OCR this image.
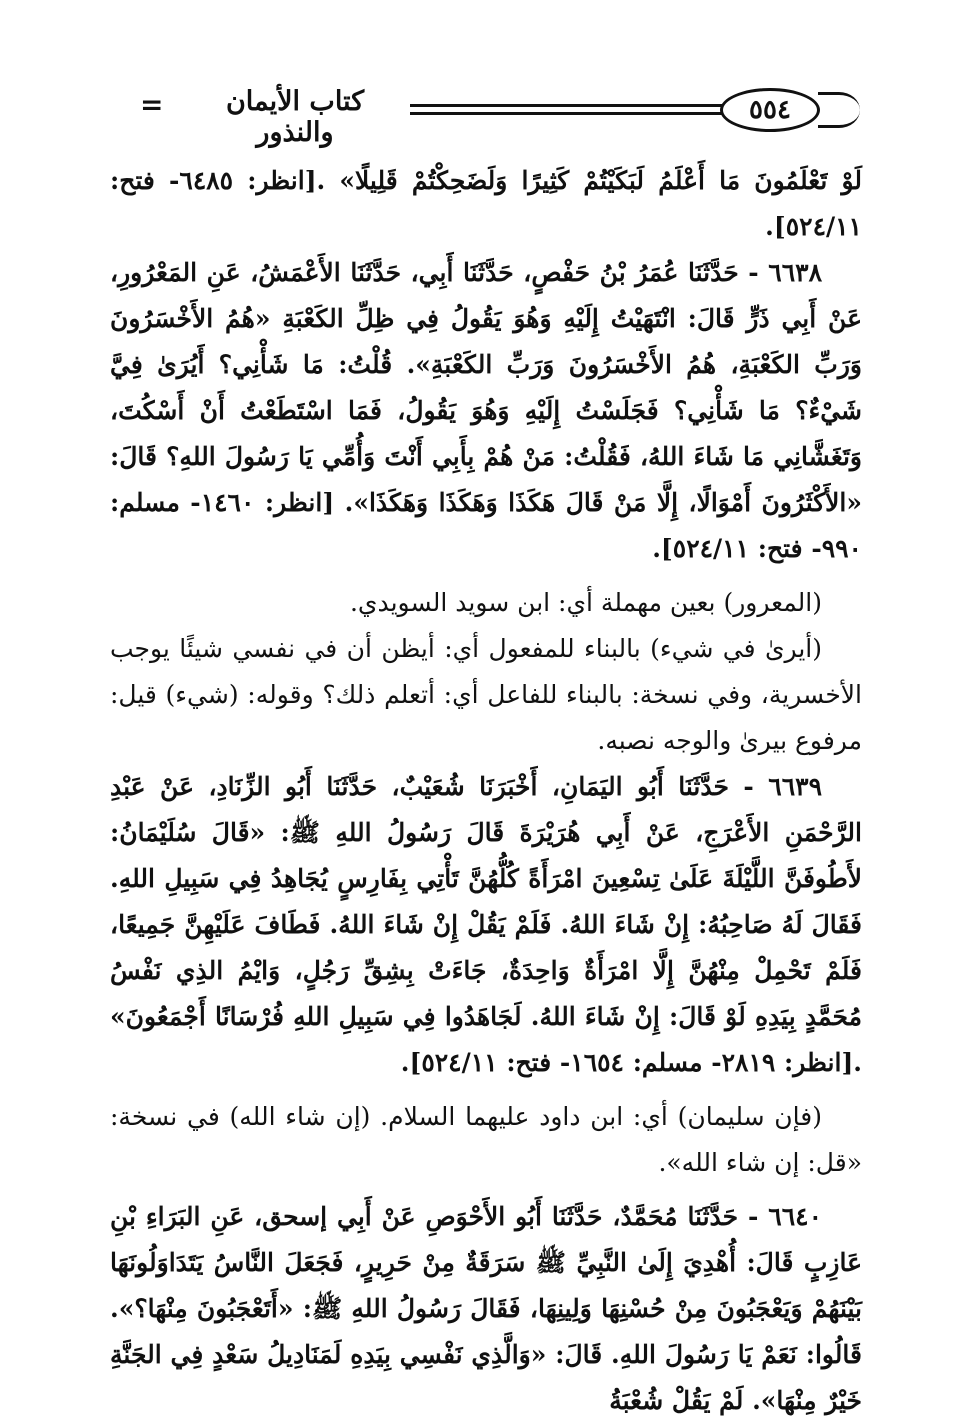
٥٥٤
كتاب الأيمان والنذور
=

لَوْ تَعْلَمُونَ مَا أَعْلَمُ لَبَكَيْتُمْ كَثِيرًا وَلَضَحِكْتُمْ قَلِيلًا» .[انظر: ٦٤٨٥- فتح: ٥٢٤/١١].

٦٦٣٨ - حَدَّثَنَا عُمَرُ بْنُ حَفْصٍ، حَدَّثَنَا أَبِي، حَدَّثَنَا الأَعْمَشُ، عَنِ المَعْرُورِ، عَنْ أَبِي ذَرٍّ قَالَ: انْتَهَيْتُ إِلَيْهِ وَهُوَ يَقُولُ فِي ظِلِّ الكَعْبَةِ «هُمُ الأَخْسَرُونَ وَرَبِّ الكَعْبَةِ، هُمُ الأَخْسَرُونَ وَرَبِّ الكَعْبَةِ». قُلْتُ: مَا شَأْنِي؟ أَيُرَىٰ فِيَّ شَيْءٌ؟ مَا شَأْنِي؟ فَجَلَسْتُ إِلَيْهِ وَهُوَ يَقُولُ، فَمَا اسْتَطَعْتُ أَنْ أَسْكُتَ، وَتَغَشَّانِي مَا شَاءَ اللهُ، فَقُلْتُ: مَنْ هُمْ بِأَبِي أَنْتَ وَأُمِّي يَا رَسُولَ اللهِ؟ قَالَ: «الأَكْثَرُونَ أَمْوَالًا، إِلَّا مَنْ قَالَ هَكَذَا وَهَكَذَا وَهَكَذَا». [انظر: ١٤٦٠- مسلم: ٩٩٠- فتح: ٥٢٤/١١].

(المعرور) بعين مهملة أي: ابن سويد السويدي.

(أيرىٰ في شيء) بالبناء للمفعول أي: أيظن أن في نفسي شيئًا يوجب الأخسرية، وفي نسخة: بالبناء للفاعل أي: أتعلم ذلك؟ وقوله: (شيء) قيل: مرفوع بيرىٰ والوجه نصبه.

٦٦٣٩ - حَدَّثَنَا أَبُو اليَمَانِ، أَخْبَرَنَا شُعَيْبٌ، حَدَّثَنَا أَبُو الزِّنَادِ، عَنْ عَبْدِ الرَّحْمَنِ الأَعْرَجِ، عَنْ أَبِي هُرَيْرَةَ قَالَ رَسُولُ اللهِ ﷺ: «قَالَ سُلَيْمَانُ: لأَطُوفَنَّ اللَّيْلَةَ عَلَىٰ تِسْعِينَ امْرَأَةً كُلُّهُنَّ تَأْتِي بِفَارِسٍ يُجَاهِدُ فِي سَبِيلِ اللهِ. فَقَالَ لَهُ صَاحِبُهُ: إِنْ شَاءَ اللهُ. فَلَمْ يَقُلْ إِنْ شَاءَ اللهُ. فَطَافَ عَلَيْهِنَّ جَمِيعًا، فَلَمْ تَحْمِلْ مِنْهُنَّ إِلَّا امْرَأَةٌ وَاحِدَةٌ، جَاءَتْ بِشِقِّ رَجُلٍ، وَايْمُ الذِي نَفْسُ مُحَمَّدٍ بِيَدِهِ لَوْ قَالَ: إِنْ شَاءَ اللهُ. لَجَاهَدُوا فِي سَبِيلِ اللهِ فُرْسَانًا أَجْمَعُونَ» .[انظر: ٢٨١٩- مسلم: ١٦٥٤- فتح: ٥٢٤/١١].

(فإن سليمان) أي: ابن داود عليهما السلام. (إن شاء الله) في نسخة: «قل: إن شاء الله».

٦٦٤٠ - حَدَّثَنَا مُحَمَّدٌ، حَدَّثَنَا أَبُو الأَحْوَصِ عَنْ أَبِي إسحق، عَنِ البَرَاءِ بْنِ عَازِبٍ قَالَ: أُهْدِيَ إِلَىٰ النَّبِيِّ ﷺ سَرَقَةٌ مِنْ حَرِيرٍ، فَجَعَلَ النَّاسُ يَتَدَاوَلُونَهَا بَيْنَهُمْ وَيَعْجَبُونَ مِنْ حُسْنِهَا وَلِينِهَا، فَقَالَ رَسُولُ اللهِ ﷺ: «أَتَعْجَبُونَ مِنْهَا؟». قَالُوا: نَعَمْ يَا رَسُولَ اللهِ. قَالَ: «وَالَّذِي نَفْسِي بِيَدِهِ لَمَنَادِيلُ سَعْدٍ فِي الجَنَّةِ خَيْرٌ مِنْهَا». لَمْ يَقُلْ شُعْبَةُ
